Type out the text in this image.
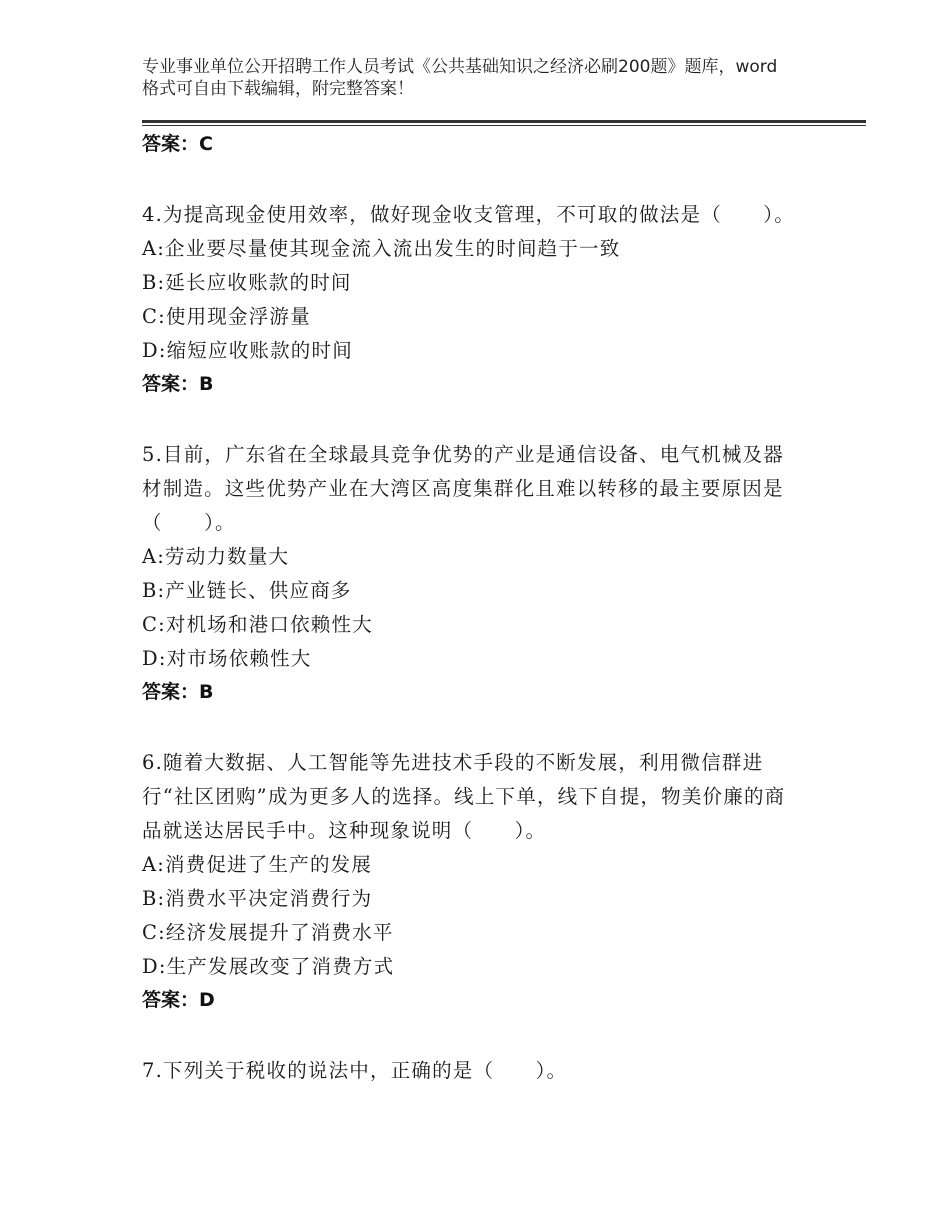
专业事业单位公开招聘工作人员考试《公共基础知识之经济必刷200题》题库，word格式可自由下载编辑，附完整答案！

答案：C

4.为提高现金使用效率，做好现金收支管理，不可取的做法是（　　）。

A:企业要尽量使其现金流入流出发生的时间趋于一致

B:延长应收账款的时间

C:使用现金浮游量

D:缩短应收账款的时间

答案：B

5.目前，广东省在全球最具竞争优势的产业是通信设备、电气机械及器材制造。这些优势产业在大湾区高度集群化且难以转移的最主要原因是（　　）。

A:劳动力数量大

B:产业链长、供应商多

C:对机场和港口依赖性大

D:对市场依赖性大

答案：B

6.随着大数据、人工智能等先进技术手段的不断发展，利用微信群进行“社区团购”成为更多人的选择。线上下单，线下自提，物美价廉的商品就送达居民手中。这种现象说明（　　）。

A:消费促进了生产的发展

B:消费水平决定消费行为

C:经济发展提升了消费水平

D:生产发展改变了消费方式

答案：D

7.下列关于税收的说法中，正确的是（　　）。
